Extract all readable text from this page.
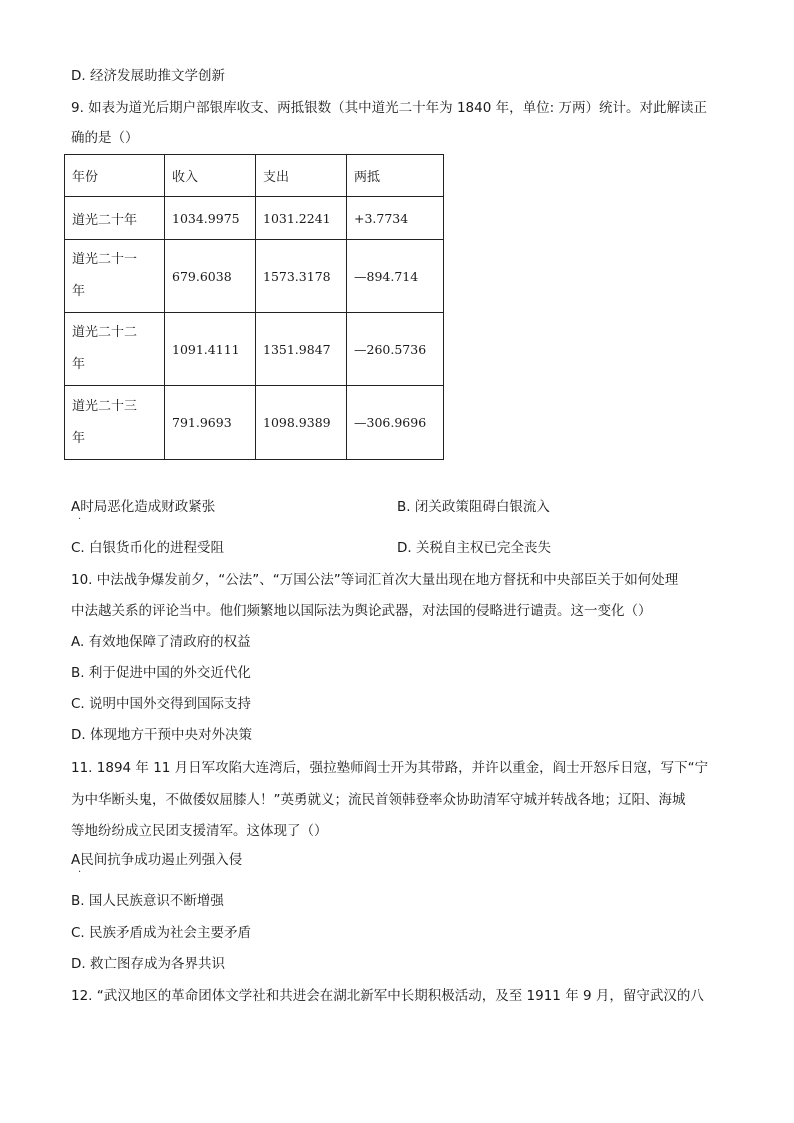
D. 经济发展助推文学创新
9. 如表为道光后期户部银库收支、两抵银数（其中道光二十年为 1840 年，单位: 万两）统计。对此解读正
确的是（）
年份	收入	支出	两抵
道光二十年	1034.9975	1031.2241	+3.7734

道光二十一
年	679.6038	1573.3178	—894.714

道光二十二
年	1091.4111	1351.9847	—260.5736

道光二十三
年	791.9693	1098.9389	—306.9696
A时局恶化造成财政紧张
·
B. 闭关政策阻碍白银流入
C. 白银货币化的进程受阻	D. 关税自主权已完全丧失
10. 中法战争爆发前夕，“公法”、“万国公法”等词汇首次大量出现在地方督抚和中央部臣关于如何处理
中法越关系的评论当中。他们频繁地以国际法为舆论武器，对法国的侵略进行谴责。这一变化（）
A. 有效地保障了清政府的权益
B. 利于促进中国的外交近代化
C. 说明中国外交得到国际支持
D. 体现地方干预中央对外决策
11. 1894 年 11 月日军攻陷大连湾后，强拉塾师阎士开为其带路，并许以重金，阎士开怒斥日寇，写下“宁
为中华断头鬼，不做倭奴屈膝人！”英勇就义；流民首领韩登率众协助清军守城并转战各地；辽阳、海城
等地纷纷成立民团支援清军。这体现了（）
A民间抗争成功遏止列强入侵
·
B. 国人民族意识不断增强
C. 民族矛盾成为社会主要矛盾
D. 救亡图存成为各界共识
12. “武汉地区的革命团体文学社和共进会在湖北新军中长期积极活动，及至 1911 年 9 月，留守武汉的八
